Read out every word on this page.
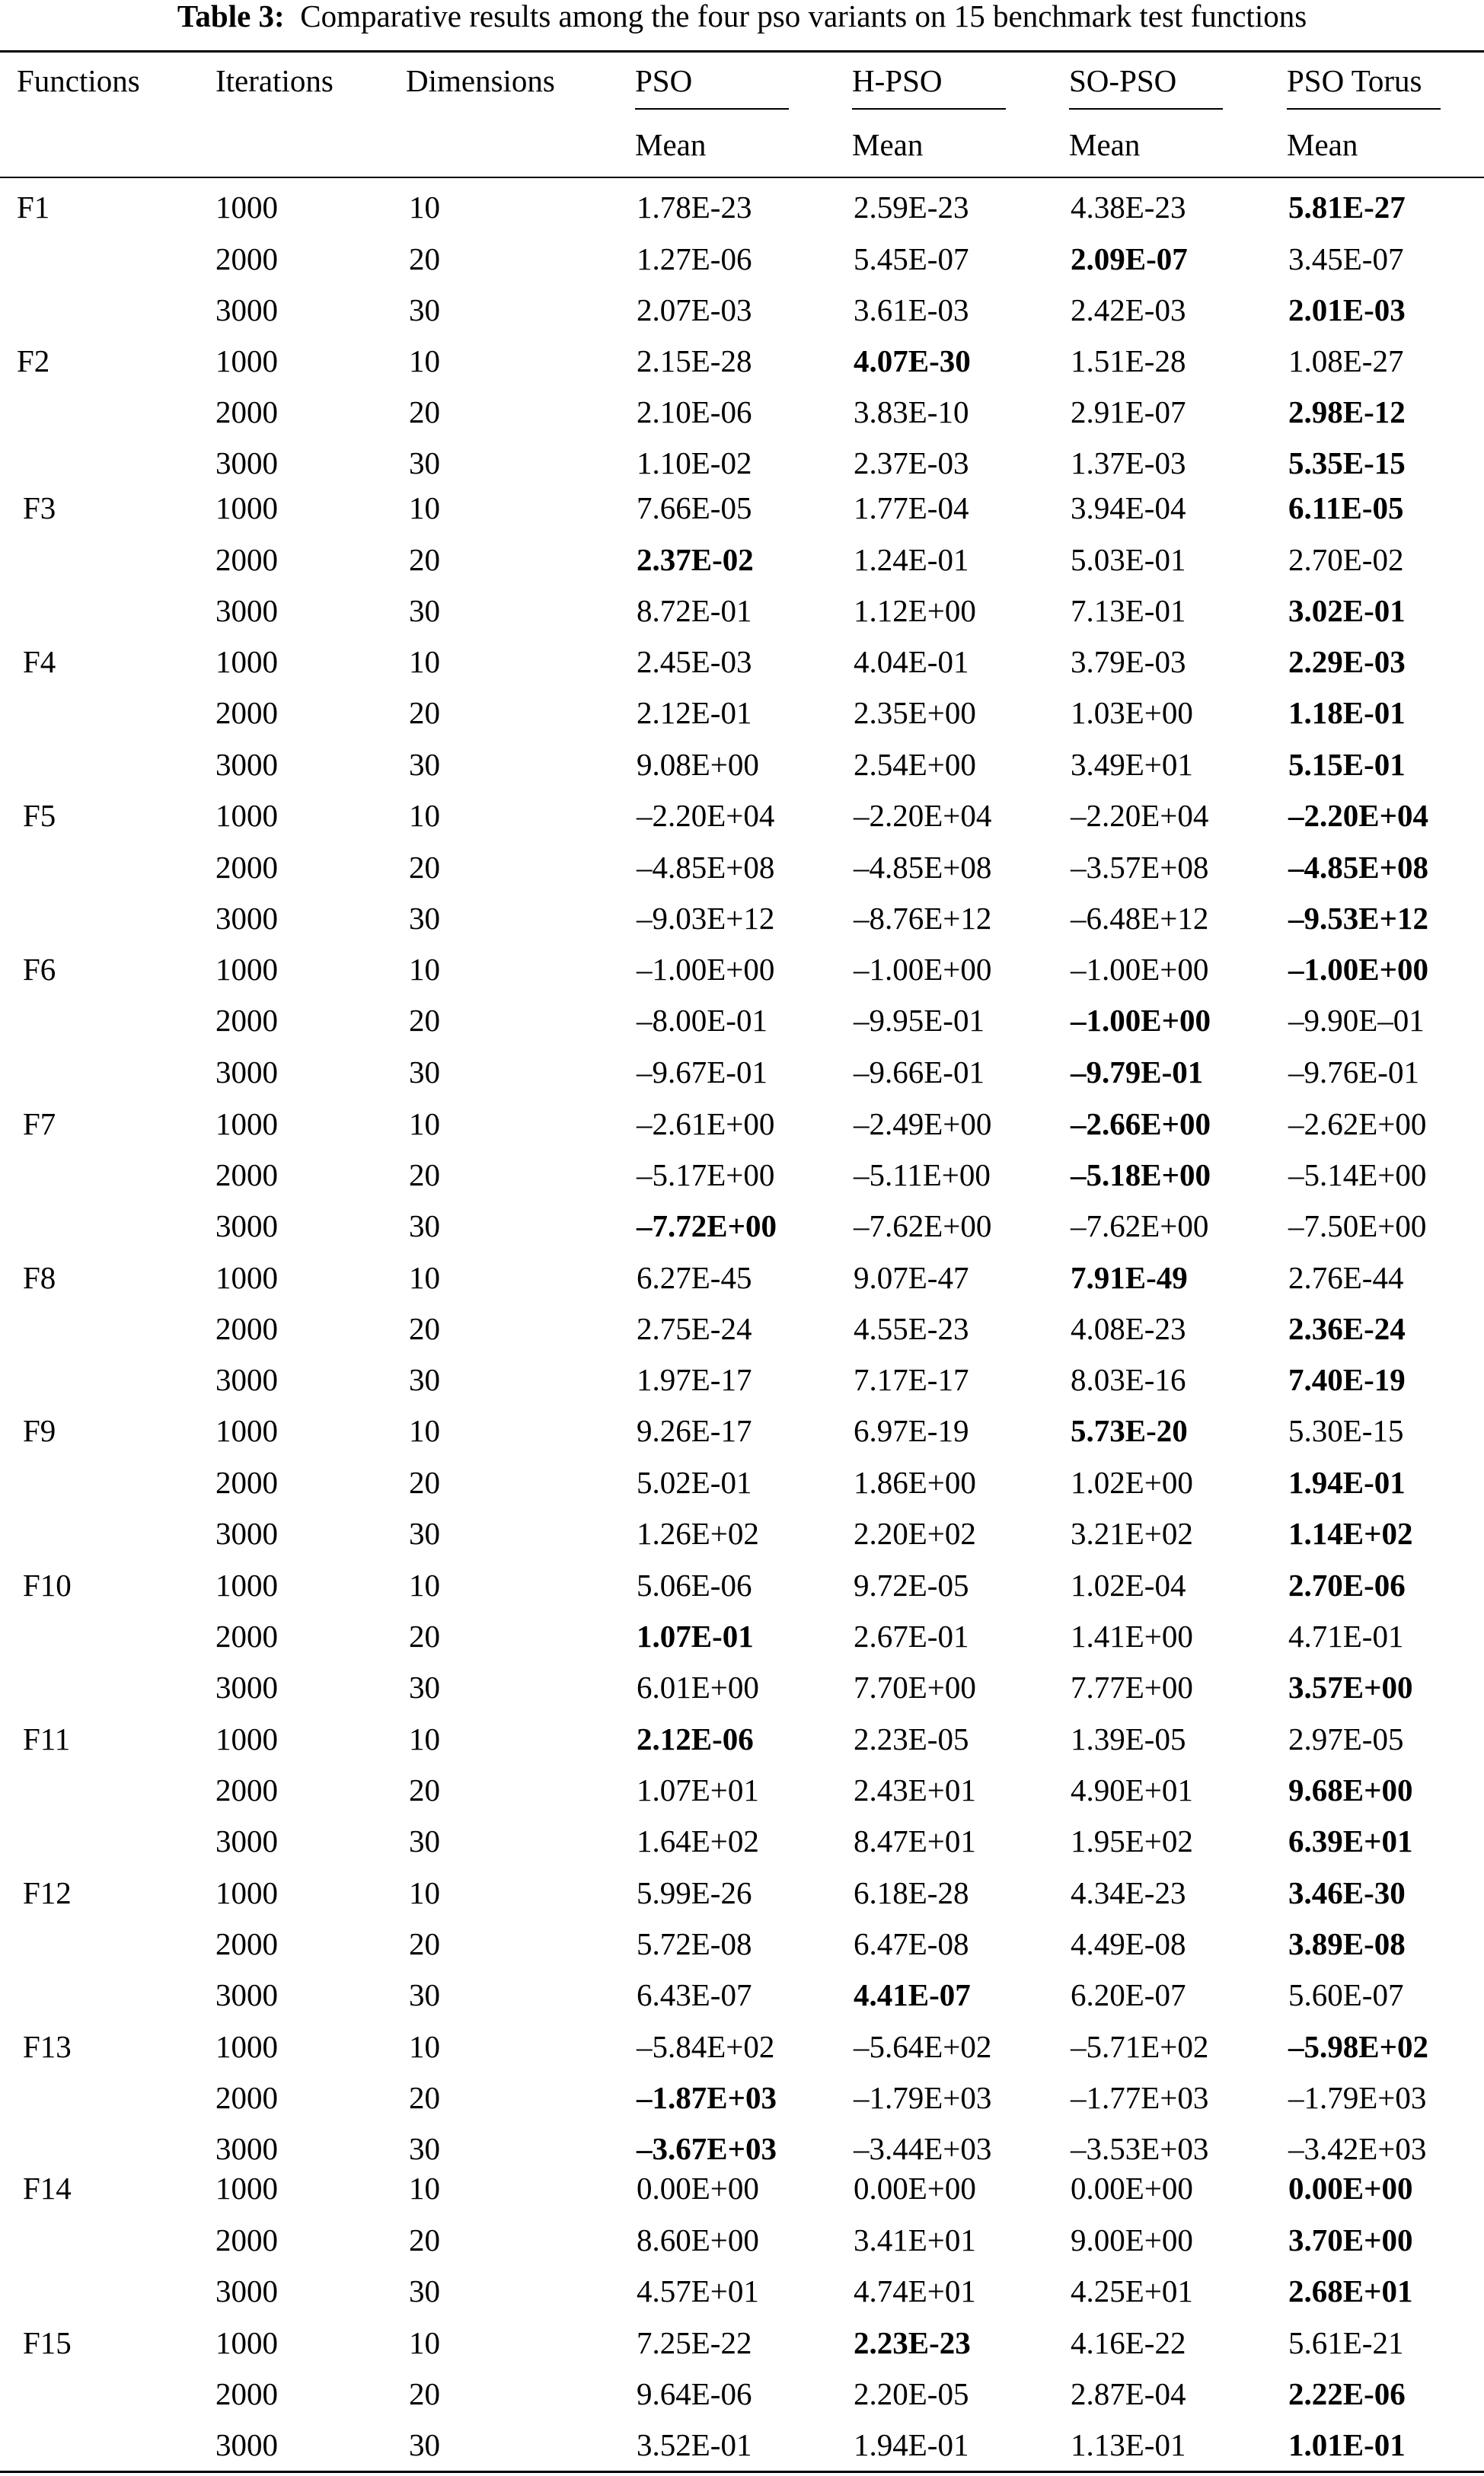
Table 3: Comparative results among the four pso variants on 15 benchmark test functions
Functions Iterations Dimensions	PSO	H-PSO	SO-PSO	PSO Torus
Mean	Mean	Mean	Mean
F1	1000	10	1.78E-23	2.59E-23	4.38E-23	5.81E-27
2000	20	1.27E-06	5.45E-07	2.09E-07	3.45E-07
3000	30	2.07E-03	3.61E-03	2.42E-03	2.01E-03
F2	1000	10	2.15E-28	4.07E-30	1.51E-28	1.08E-27
2000	20	2.10E-06	3.83E-10	2.91E-07	2.98E-12
3000	30	1.10E-02	2.37E-03	1.37E-03	5.35E-15
F3	1000	10	7.66E-05	1.77E-04	3.94E-04	6.11E-05
2000	20	2.37E-02	1.24E-01	5.03E-01	2.70E-02
3000	30	8.72E-01	1.12E+00	7.13E-01	3.02E-01
F4	1000	10	2.45E-03	4.04E-01	3.79E-03	2.29E-03
2000	20	2.12E-01	2.35E+00	1.03E+00	1.18E-01
3000	30	9.08E+00	2.54E+00	3.49E+01	5.15E-01
F5	1000	10	–2.20E+04	–2.20E+04	–2.20E+04	–2.20E+04
2000	20	–4.85E+08	–4.85E+08	–3.57E+08	–4.85E+08
3000	30	–9.03E+12	–8.76E+12	–6.48E+12	–9.53E+12
F6	1000	10	–1.00E+00	–1.00E+00	–1.00E+00	–1.00E+00
2000	20	–8.00E-01	–9.95E-01	–1.00E+00 –9.90E–01
3000	30	–9.67E-01	–9.66E-01	–9.79E-01	–9.76E-01
F7	1000	10	–2.61E+00	–2.49E+00	–2.66E+00 –2.62E+00
2000	20	–5.17E+00	–5.11E+00	–5.18E+00 –5.14E+00
3000	30	–7.72E+00 –7.62E+00	–7.62E+00	–7.50E+00
F8	1000	10	6.27E-45	9.07E-47	7.91E-49	2.76E-44
2000	20	2.75E-24	4.55E-23	4.08E-23	2.36E-24
3000	30	1.97E-17	7.17E-17	8.03E-16	7.40E-19
F9	1000	10	9.26E-17	6.97E-19	5.73E-20	5.30E-15
2000	20	5.02E-01	1.86E+00	1.02E+00	1.94E-01
3000	30	1.26E+02	2.20E+02	3.21E+02	1.14E+02
F10	1000	10	5.06E-06	9.72E-05	1.02E-04	2.70E-06
2000	20	1.07E-01	2.67E-01	1.41E+00	4.71E-01
3000	30	6.01E+00	7.70E+00	7.77E+00	3.57E+00
F11	1000	10	2.12E-06	2.23E-05	1.39E-05	2.97E-05
2000	20	1.07E+01	2.43E+01	4.90E+01	9.68E+00
3000	30	1.64E+02	8.47E+01	1.95E+02	6.39E+01
F12	1000	10	5.99E-26	6.18E-28	4.34E-23	3.46E-30
2000	20	5.72E-08	6.47E-08	4.49E-08	3.89E-08
3000	30	6.43E-07	4.41E-07	6.20E-07	5.60E-07
F13	1000	10	–5.84E+02	–5.64E+02	–5.71E+02	–5.98E+02
2000	20	–1.87E+03 –1.79E+03	–1.77E+03	–1.79E+03
3000	30	–3.67E+03 –3.44E+03	–3.53E+03	–3.42E+03
F14	1000	10	0.00E+00	0.00E+00	0.00E+00	0.00E+00
2000	20	8.60E+00	3.41E+01	9.00E+00	3.70E+00
3000	30	4.57E+01	4.74E+01	4.25E+01	2.68E+01
F15	1000	10	7.25E-22	2.23E-23	4.16E-22	5.61E-21
2000	20	9.64E-06	2.20E-05	2.87E-04	2.22E-06
3000	30	3.52E-01	1.94E-01	1.13E-01	1.01E-01
